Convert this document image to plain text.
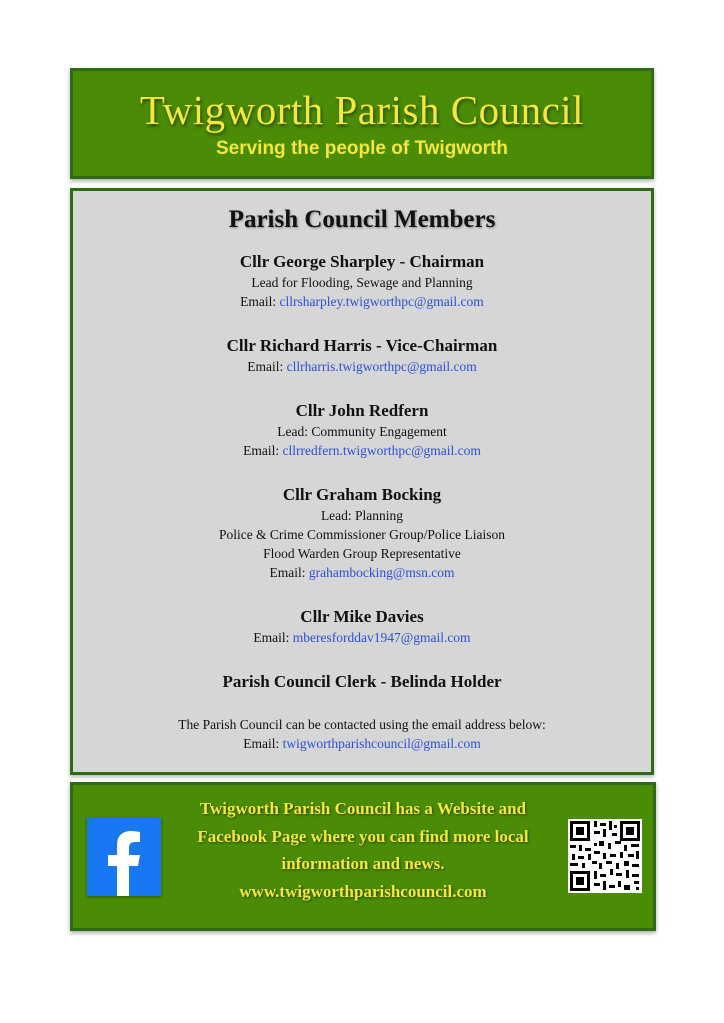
Twigworth Parish Council
Serving the people of Twigworth
Parish Council Members
Cllr George Sharpley - Chairman
Lead for Flooding, Sewage and Planning
Email: cllrsharpley.twigworthpc@gmail.com
Cllr Richard Harris - Vice-Chairman
Email: cllrharris.twigworthpc@gmail.com
Cllr John Redfern
Lead: Community Engagement
Email: cllrredfern.twigworthpc@gmail.com
Cllr Graham Bocking
Lead: Planning
Police & Crime Commissioner Group/Police Liaison
Flood Warden Group Representative
Email: grahambocking@msn.com
Cllr Mike Davies
Email: mberesforddav1947@gmail.com
Parish Council Clerk - Belinda Holder
The Parish Council can be contacted using the email address below:
Email: twigworthparishcouncil@gmail.com
Twigworth Parish Council has a Website and
Facebook Page where you can find more local
information and news.
www.twigworthparishcouncil.com
